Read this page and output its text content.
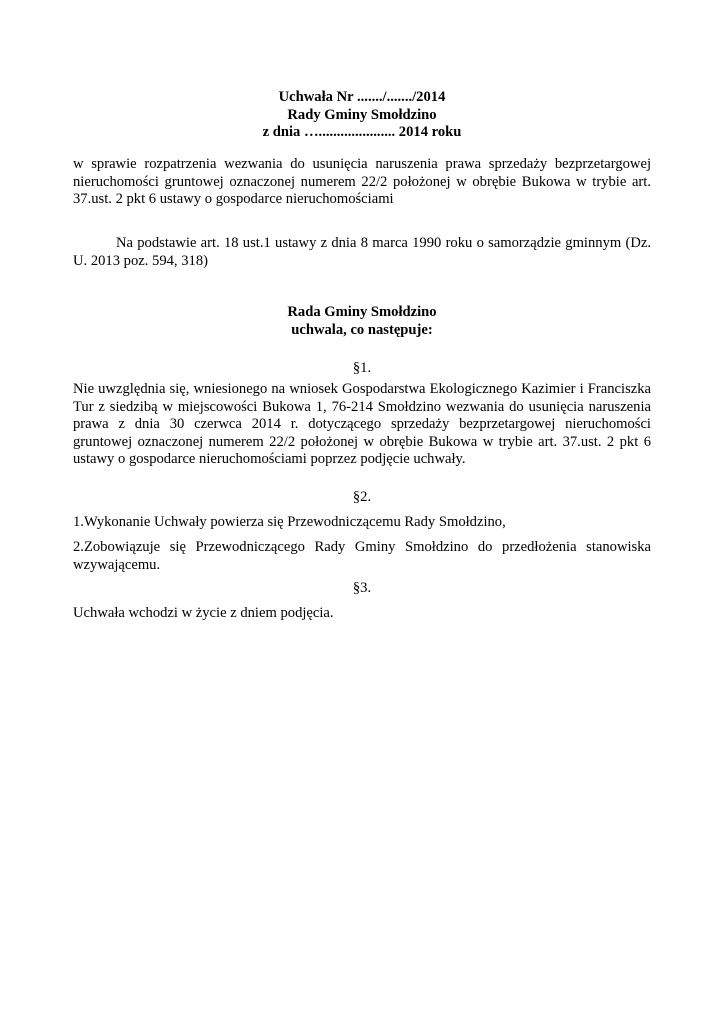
Uchwała Nr ......./......./2014
Rady Gminy Smołdzino
z dnia …..................... 2014 roku

w sprawie rozpatrzenia wezwania do usunięcia naruszenia prawa sprzedaży bezprzetargowej nieruchomości gruntowej oznaczonej numerem 22/2 położonej w obrębie Bukowa w trybie art. 37.ust. 2 pkt 6 ustawy o gospodarce nieruchomościami

Na podstawie art. 18 ust.1 ustawy z dnia 8 marca 1990 roku o samorządzie gminnym (Dz. U. 2013 poz. 594, 318)

Rada Gminy Smołdzino
uchwala, co następuje:

§1.

Nie uwzględnia się, wniesionego na wniosek Gospodarstwa Ekologicznego Kazimier i Franciszka Tur z siedzibą w miejscowości Bukowa 1, 76-214 Smołdzino wezwania do usunięcia naruszenia prawa z dnia 30 czerwca 2014 r. dotyczącego sprzedaży bezprzetargowej nieruchomości gruntowej oznaczonej numerem 22/2 położonej w obrębie Bukowa w trybie art. 37.ust. 2 pkt 6 ustawy o gospodarce nieruchomościami poprzez podjęcie uchwały.

§2.

1.Wykonanie Uchwały powierza się Przewodniczącemu Rady Smołdzino,

2.Zobowiązuje się Przewodniczącego Rady Gminy Smołdzino do przedłożenia stanowiska wzywającemu.

§3.

Uchwała wchodzi w życie z dniem podjęcia.
